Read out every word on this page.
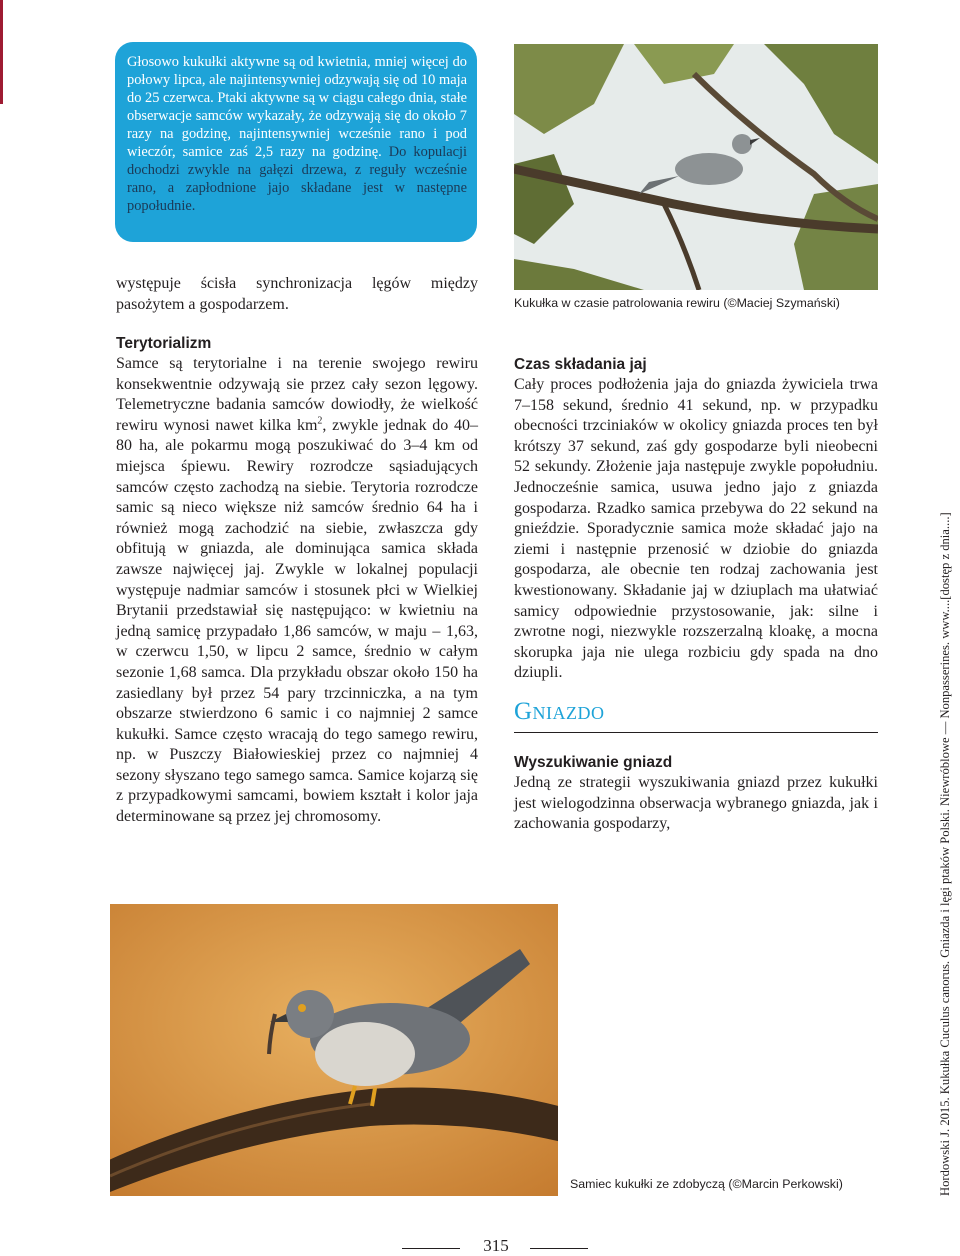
Głosowo kukułki aktywne są od kwietnia, mniej więcej do połowy lipca, ale najintensywniej odzywają się od 10 maja do 25 czerwca. Ptaki aktywne są w ciągu całego dnia, stałe obserwacje samców wykazały, że odzywają się do około 7 razy na godzinę, najintensywniej wcześnie rano i pod wieczór, samice zaś 2,5 razy na godzinę. Do kopulacji dochodzi zwykle na gałęzi drzewa, z reguły wcześnie rano, a zapłodnione jajo składane jest w następne popołudnie.
Kukułka w czasie patrolowania rewiru (©Maciej Szymański)

występuje ścisła synchronizacja lęgów między pasożytem a gospodarzem.

Terytorializm

Samce są terytorialne i na terenie swojego rewiru konsekwentnie odzywają sie przez cały sezon lęgowy. Telemetryczne badania samców dowiodły, że wielkość rewiru wynosi nawet kilka $km^2$, zwykle jednak do 40–80 ha, ale pokarmu mogą poszukiwać do 3–4 km od miejsca śpiewu. Rewiry rozrodcze sąsiadujących samców często zachodzą na siebie. Terytoria rozrodcze samic są nieco większe niż samców średnio 64 ha i również mogą zachodzić na siebie, zwłaszcza gdy obfitują w gniazda, ale dominująca samica składa zawsze najwięcej jaj. Zwykle w lokalnej populacji występuje nadmiar samców i stosunek płci w Wielkiej Brytanii przedstawiał się następująco: w kwietniu na jedną samicę przypadało 1,86 samców, w maju – 1,63, w czerwcu 1,50, w lipcu 2 samce, średnio w całym sezonie 1,68 samca. Dla przykładu obszar około 150 ha zasiedlany był przez 54 pary trzcinniczka, a na tym obszarze stwierdzono 6 samic i co najmniej 2 samce kukułki. Samce często wracają do tego samego rewiru, np. w Puszczy Białowieskiej przez co najmniej 4 sezony słyszano tego samego samca. Samice kojarzą się z przypadkowymi samcami, bowiem kształt i kolor jaja determinowane są przez jej chromosomy.

Czas składania jaj

Cały proces podłożenia jaja do gniazda żywiciela trwa 7–158 sekund, średnio 41 sekund, np. w przypadku obecności trzciniaków w okolicy gniazda proces ten był krótszy 37 sekund, zaś gdy gospodarze byli nieobecni 52 sekundy. Złożenie jaja następuje zwykle popołudniu. Jednocześnie samica, usuwa jedno jajo z gniazda gospodarza. Rzadko samica przebywa do 22 sekund na gnieździe. Sporadycznie samica może składać jajo na ziemi i następnie przenosić w dziobie do gniazda gospodarza, ale obecnie ten rodzaj zachowania jest kwestionowany. Składanie jaj w dziuplach ma ułatwiać samicy odpowiednie przystosowanie, jak: silne i zwrotne nogi, niezwykle rozszerzalną kloakę, a mocna skorupka jaja nie ulega rozbiciu gdy spada na dno dziupli.

Gniazdo
Wyszukiwanie gniazd

Jedną ze strategii wyszukiwania gniazd przez kukułki jest wielogodzinna obserwacja wybranego gniazda, jak i zachowania gospodarzy,

Samiec kukułki ze zdobyczą (©Marcin Perkowski)	Hordowski J. 2015. Kukułka Cuculus canorus. Gniazda i lęgi ptaków Polski. Niewróblowe — Nonpasserines. www....[dostęp z dnia....]
315
